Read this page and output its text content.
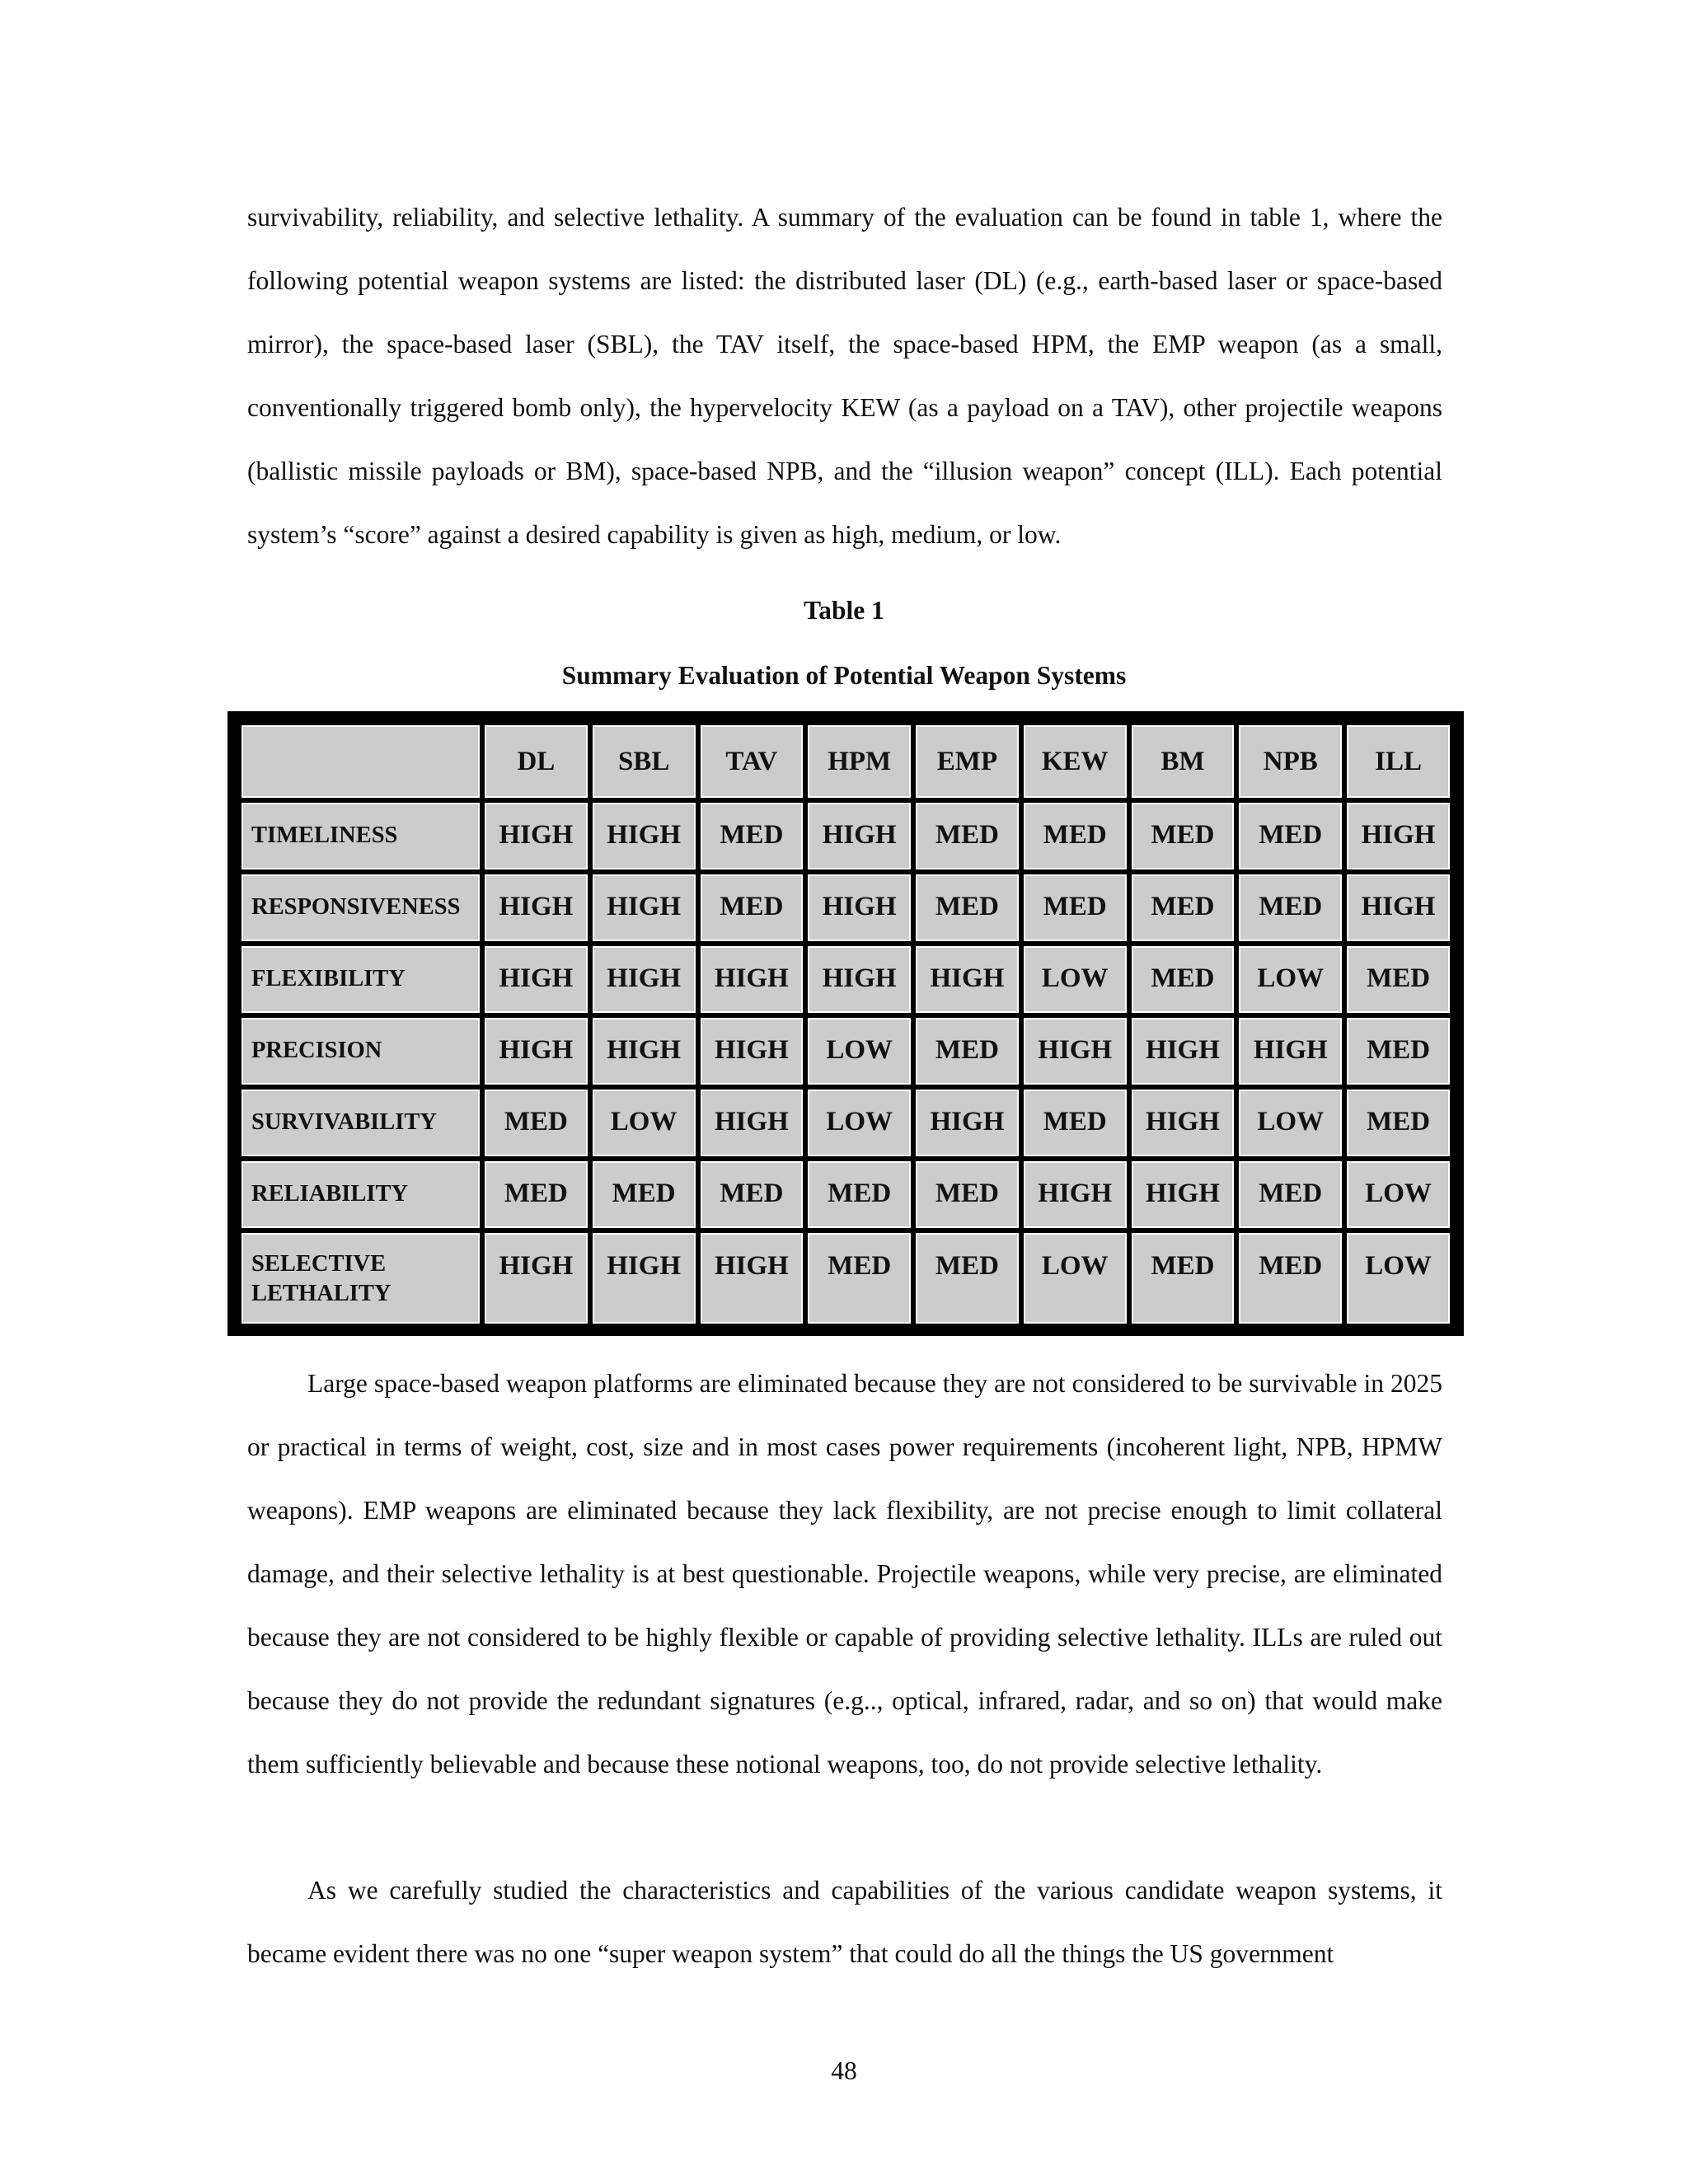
survivability, reliability, and selective lethality. A summary of the evaluation can be found in table 1, where the following potential weapon systems are listed: the distributed laser (DL) (e.g., earth-based laser or space-based mirror), the space-based laser (SBL), the TAV itself, the space-based HPM, the EMP weapon (as a small, conventionally triggered bomb only), the hypervelocity KEW (as a payload on a TAV), other projectile weapons (ballistic missile payloads or BM), space-based NPB, and the “illusion weapon” concept (ILL). Each potential system’s “score” against a desired capability is given as high, medium, or low.

Table 1

Summary Evaluation of Potential Weapon Systems

	DL	SBL	TAV	HPM	EMP	KEW	BM	NPB	ILL
TIMELINESS	HIGH	HIGH	MED	HIGH	MED	MED	MED	MED	HIGH
RESPONSIVENESS	HIGH	HIGH	MED	HIGH	MED	MED	MED	MED	HIGH
FLEXIBILITY	HIGH	HIGH	HIGH	HIGH	HIGH	LOW	MED	LOW	MED
PRECISION	HIGH	HIGH	HIGH	LOW	MED	HIGH	HIGH	HIGH	MED
SURVIVABILITY	MED	LOW	HIGH	LOW	HIGH	MED	HIGH	LOW	MED
RELIABILITY	MED	MED	MED	MED	MED	HIGH	HIGH	MED	LOW
SELECTIVE
LETHALITY	HIGH	HIGH	HIGH	MED	MED	LOW	MED	MED	LOW

Large space-based weapon platforms are eliminated because they are not considered to be survivable in 2025 or practical in terms of weight, cost, size and in most cases power requirements (incoherent light, NPB, HPMW weapons). EMP weapons are eliminated because they lack flexibility, are not precise enough to limit collateral damage, and their selective lethality is at best questionable. Projectile weapons, while very precise, are eliminated because they are not considered to be highly flexible or capable of providing selective lethality. ILLs are ruled out because they do not provide the redundant signatures (e.g.., optical, infrared, radar, and so on) that would make them sufficiently believable and because these notional weapons, too, do not provide selective lethality.

As we carefully studied the characteristics and capabilities of the various candidate weapon systems, it became evident there was no one “super weapon system” that could do all the things the US government

48
